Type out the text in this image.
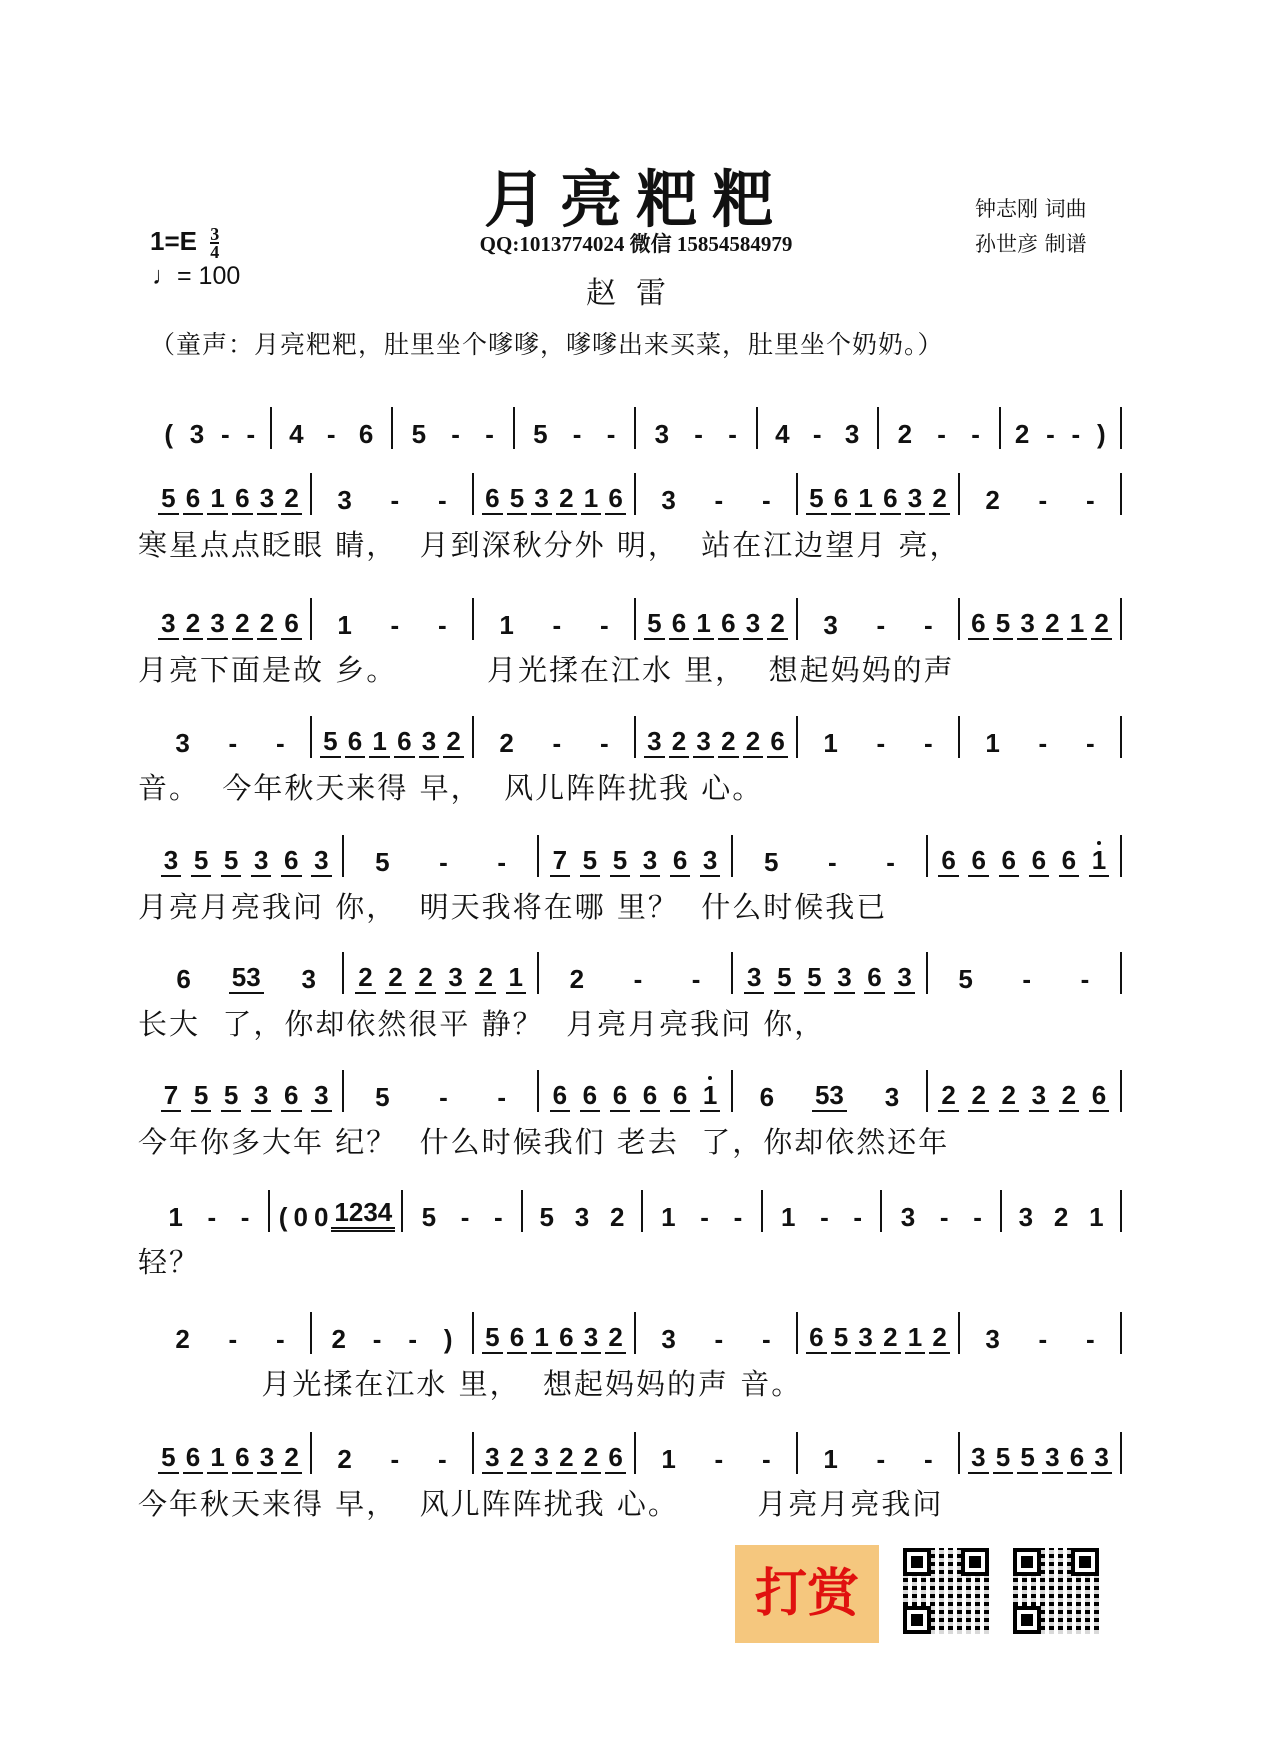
月亮粑粑
QQ:1013774024 微信 15854584979
赵雷
钟志刚 词曲
孙世彦 制谱
$1=E \frac{3}{4}$
♩= 100
（童声：月亮粑粑，肚里坐个嗲嗲，嗲嗲出来买菜，肚里坐个奶奶。）
( 3 - - 4 - 6 5 - - 5 - - 3 - - 4 - 3 2 - - 2 - - )
5 6 1 6 3 2 3 - - 6 5 3 2 1 6 3 - - 5 6 1 6 3 2 2 - -
寒星点点眨眼 睛，  月到深秋分外 明，  站在江边望月 亮，
3 2 3 2 2 6 1 - - 1 - - 5 6 1 6 3 2 3 - - 6 5 3 2 1 2
月亮下面是故 乡。        月光揉在江水 里，  想起妈妈的声
3 - - 5 6 1 6 3 2 2 - - 3 2 3 2 2 6 1 - - 1 - -
音。  今年秋天来得 早，  风儿阵阵扰我 心。
3 5 5 3 6 3 5 - - 7 5 5 3 6 3 5 - - 6 6 6 6 6 1
月亮月亮我问 你，  明天我将在哪 里？  什么时候我已
6 53 3 2 2 2 3 2 1 2 - - 3 5 5 3 6 3 5 - -
长大  了，你却依然很平 静？  月亮月亮我问 你，
7 5 5 3 6 3 5 - - 6 6 6 6 6 1 6 53 3 2 2 2 3 2 6
今年你多大年 纪？  什么时候我们 老去  了，你却依然还年
1 - - ( 0 0 1234 5 - - 5 3 2 1 - - 1 - - 3 - - 3 2 1
轻？
2 - - 2 - - ) 5 6 1 6 3 2 3 - - 6 5 3 2 1 2 3 - -
月光揉在江水 里，  想起妈妈的声 音。
5 6 1 6 3 2 2 - - 3 2 3 2 2 6 1 - - 1 - - 3 5 5 3 6 3
今年秋天来得 早，  风儿阵阵扰我 心。       月亮月亮我问
打赏
